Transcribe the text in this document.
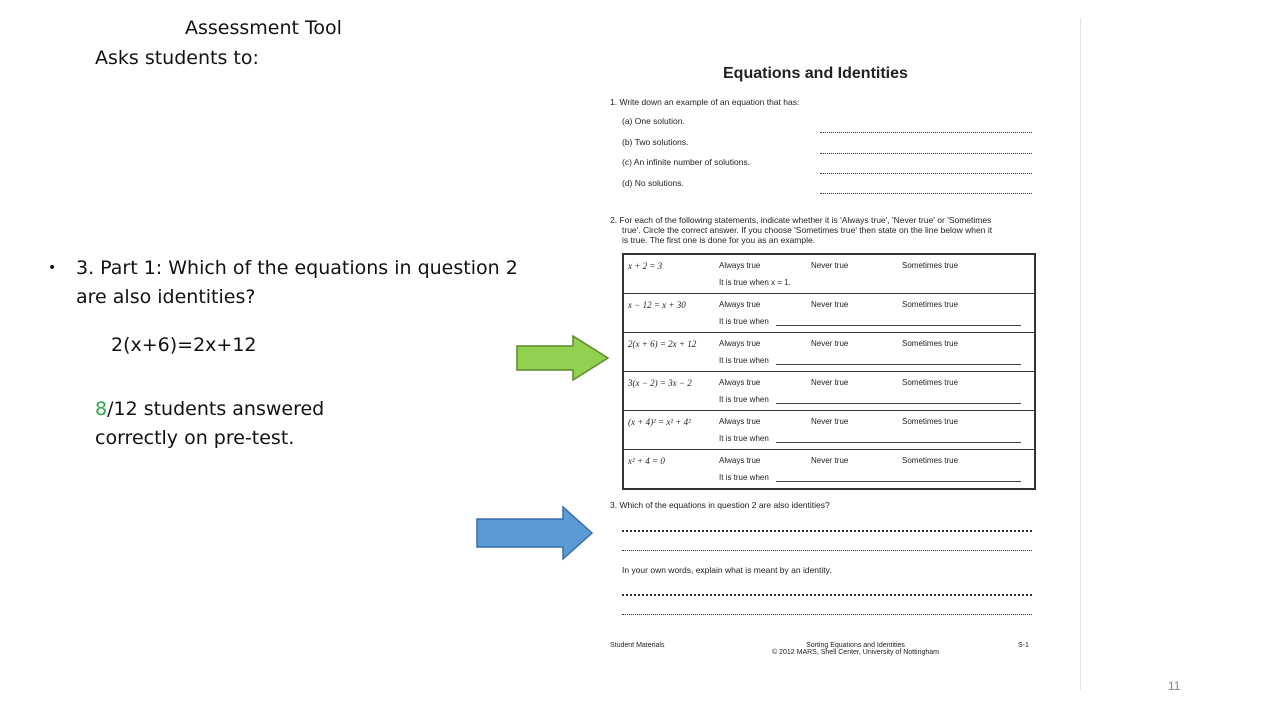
Assessment Tool
Asks students to:
• 3. Part 1: Which of the equations in question 2 are also identities?
2(x+6)=2x+12
8/12 students answered correctly on pre-test.
Equations and Identities
1. Write down an example of an equation that has:
(a) One solution.
(b) Two solutions.
(c) An infinite number of solutions.
(d) No solutions.
2. For each of the following statements, indicate whether it is 'Always true', 'Never true' or 'Sometimes
true'. Circle the correct answer. If you choose 'Sometimes true' then state on the line below when it
is true. The first one is done for you as an example.
x + 2 = 3	Always true	Never true	Sometimes true
It is true when x = 1.
x − 12 = x + 30	Always true	Never true	Sometimes true
It is true when
2(x + 6) = 2x + 12	Always true	Never true	Sometimes true
It is true when
3(x − 2) = 3x − 2	Always true	Never true	Sometimes true
It is true when
(x + 4)² = x² + 4²	Always true	Never true	Sometimes true
It is true when
x² + 4 = 0	Always true	Never true	Sometimes true
It is true when
3. Which of the equations in question 2 are also identities?
In your own words, explain what is meant by an identity.
Student Materials	Sorting Equations and Identities
© 2012 MARS, Shell Center, University of Nottingham
S-1
11
